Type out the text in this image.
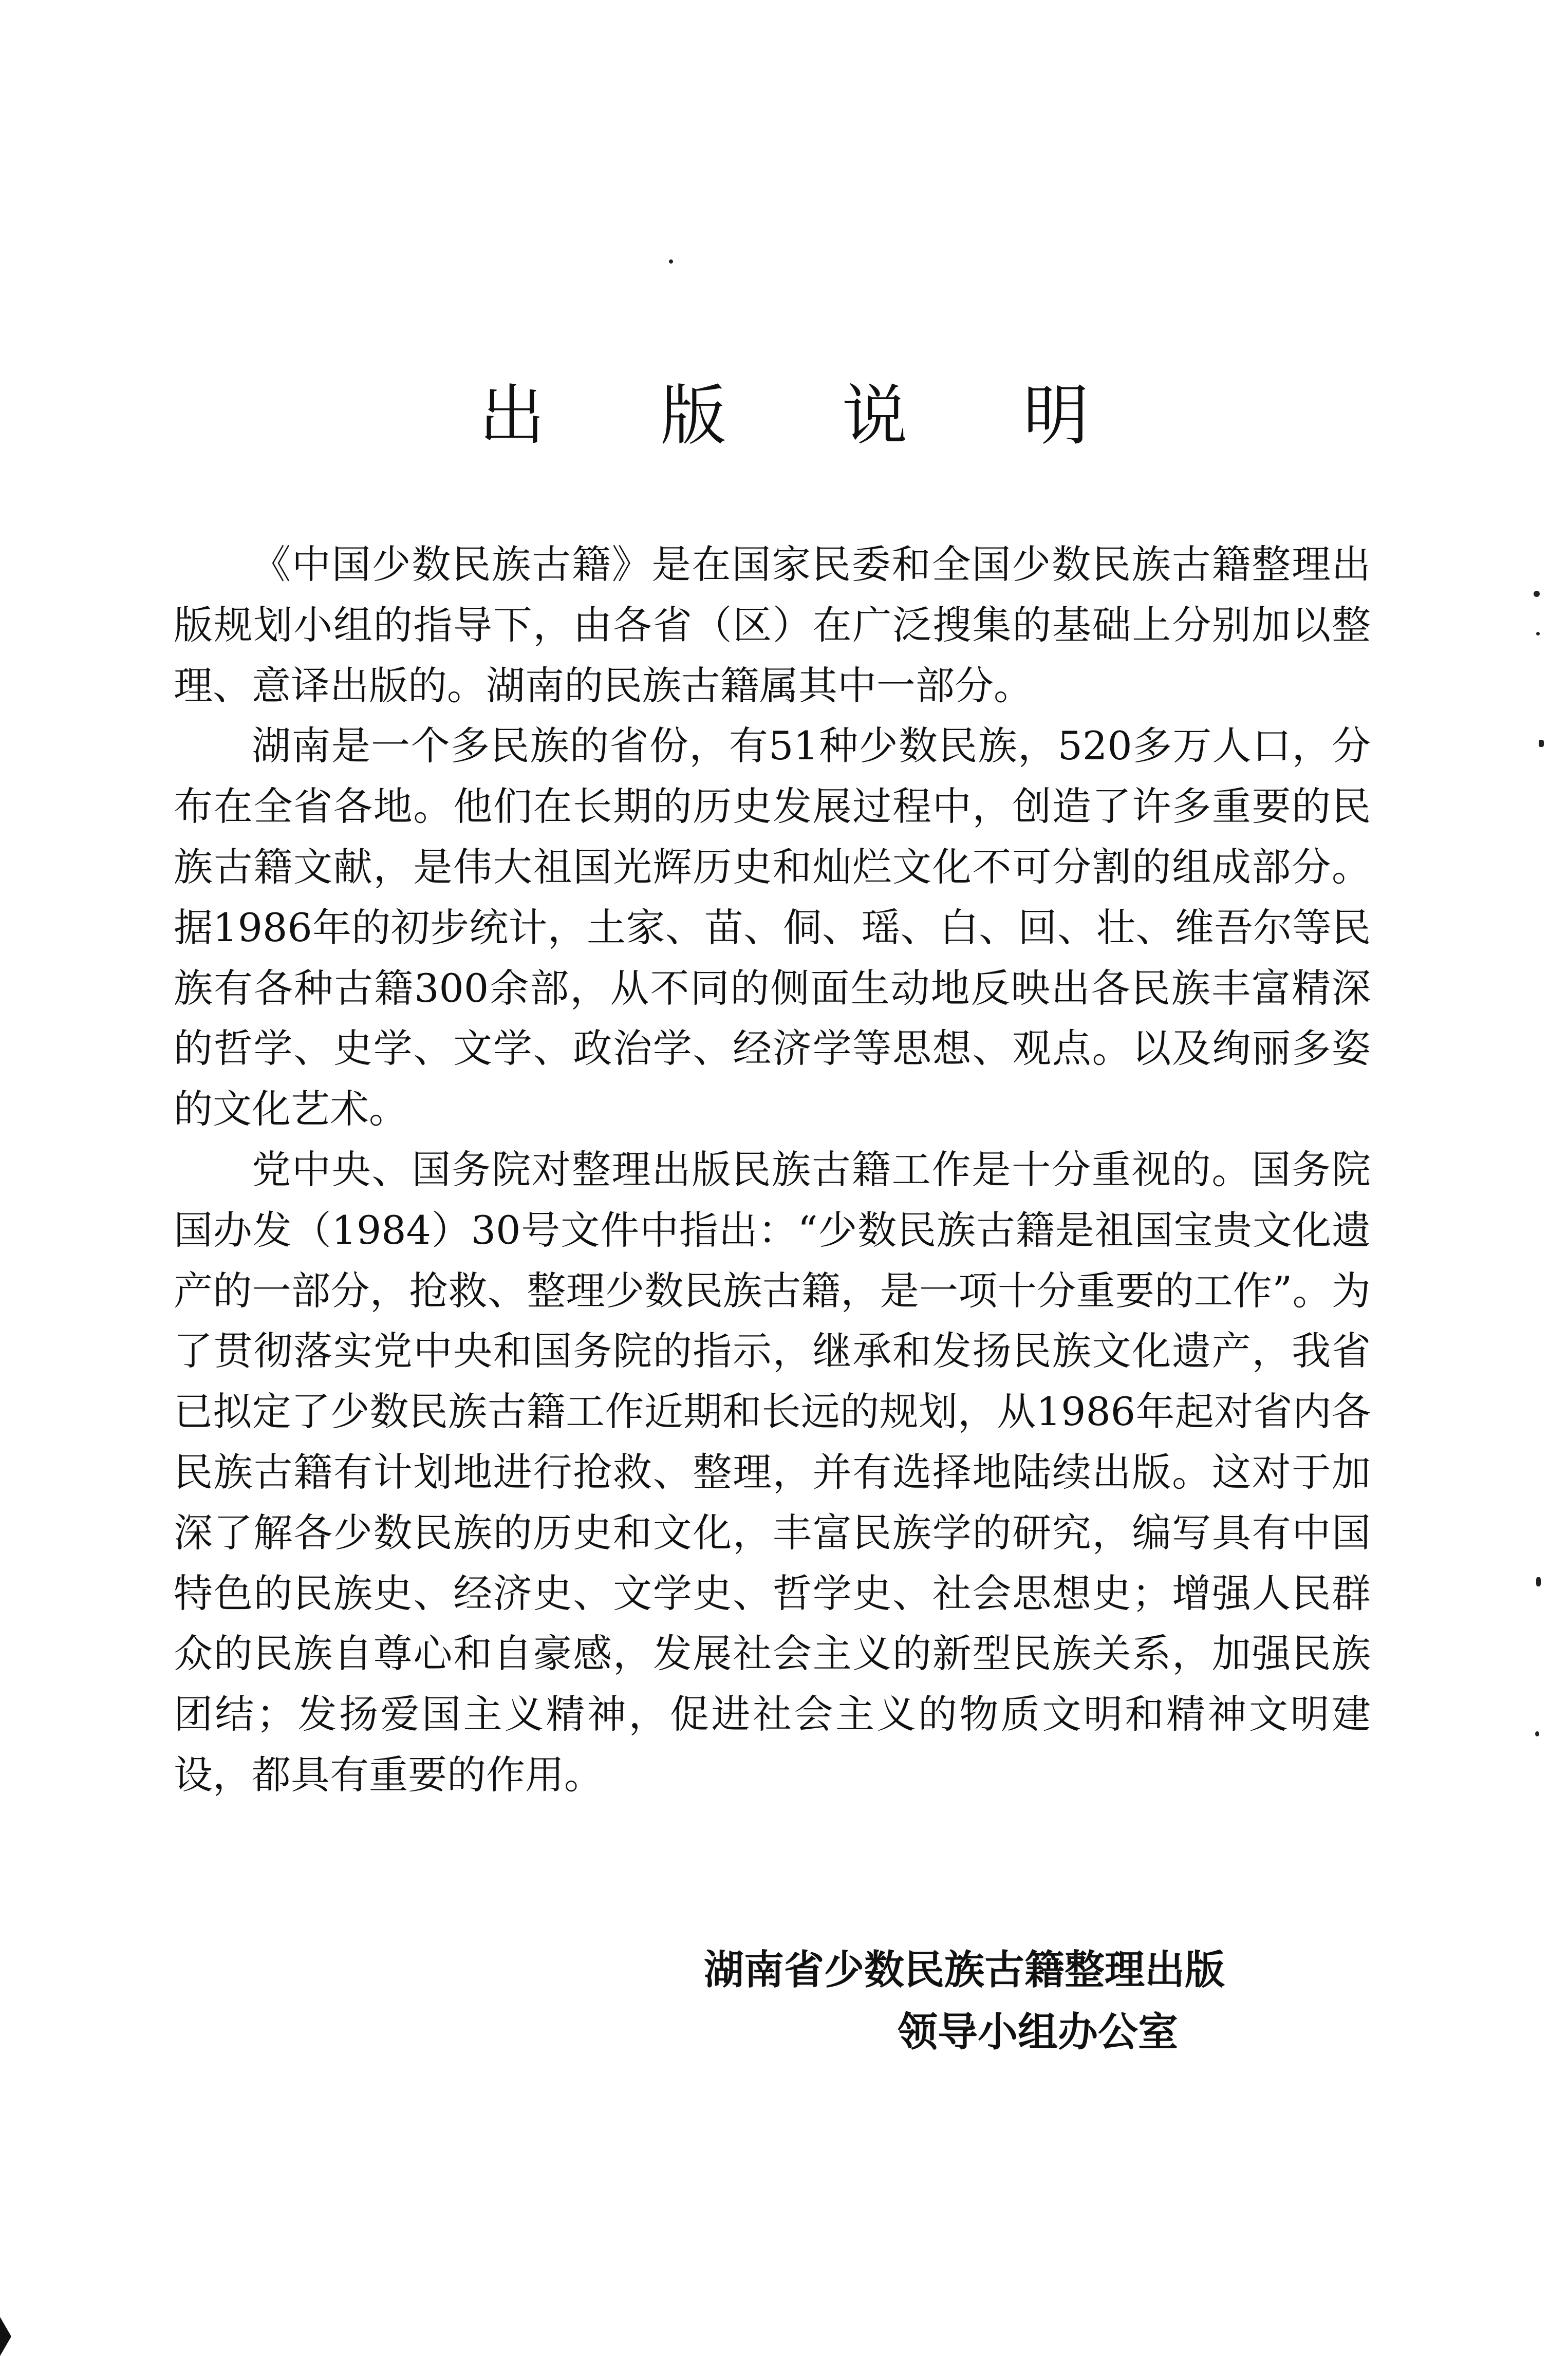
出 版 说 明

《中国少数民族古籍》是在国家民委和全国少数民族古籍整理出版规划小组的指导下，由各省（区）在广泛搜集的基础上分别加以整理、意译出版的。湖南的民族古籍属其中一部分。

湖南是一个多民族的省份，有51种少数民族，520多万人口，分布在全省各地。他们在长期的历史发展过程中，创造了许多重要的民族古籍文献，是伟大祖国光辉历史和灿烂文化不可分割的组成部分。据1986年的初步统计，土家、苗、侗、瑶、白、回、壮、维吾尔等民族有各种古籍300余部，从不同的侧面生动地反映出各民族丰富精深的哲学、史学、文学、政治学、经济学等思想、观点。以及绚丽多姿的文化艺术。

党中央、国务院对整理出版民族古籍工作是十分重视的。国务院国办发（1984）30号文件中指出：“少数民族古籍是祖国宝贵文化遗产的一部分，抢救、整理少数民族古籍，是一项十分重要的工作”。为了贯彻落实党中央和国务院的指示，继承和发扬民族文化遗产，我省已拟定了少数民族古籍工作近期和长远的规划，从1986年起对省内各民族古籍有计划地进行抢救、整理，并有选择地陆续出版。这对于加深了解各少数民族的历史和文化，丰富民族学的研究，编写具有中国特色的民族史、经济史、文学史、哲学史、社会思想史；增强人民群众的民族自尊心和自豪感，发展社会主义的新型民族关系，加强民族团结；发扬爱国主义精神，促进社会主义的物质文明和精神文明建设，都具有重要的作用。

湖南省少数民族古籍整理出版
领导小组办公室
